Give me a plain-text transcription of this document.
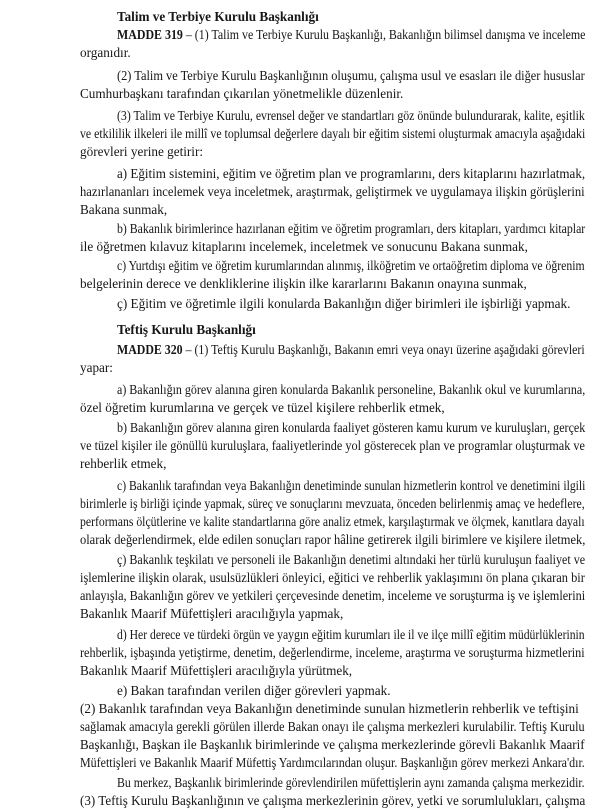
Talim ve Terbiye Kurulu Başkanlığı
MADDE 319 – (1) Talim ve Terbiye Kurulu Başkanlığı, Bakanlığın bilimsel danışma ve inceleme
organıdır.
(2) Talim ve Terbiye Kurulu Başkanlığının oluşumu, çalışma usul ve esasları ile diğer hususlar
Cumhurbaşkanı tarafından çıkarılan yönetmelikle düzenlenir.
(3) Talim ve Terbiye Kurulu, evrensel değer ve standartları göz önünde bulundurarak, kalite, eşitlik
ve etkililik ilkeleri ile millî ve toplumsal değerlere dayalı bir eğitim sistemi oluşturmak amacıyla aşağıdaki
görevleri yerine getirir:
a) Eğitim sistemini, eğitim ve öğretim plan ve programlarını, ders kitaplarını hazırlatmak,
hazırlananları incelemek veya inceletmek, araştırmak, geliştirmek ve uygulamaya ilişkin görüşlerini
Bakana sunmak,
b) Bakanlık birimlerince hazırlanan eğitim ve öğretim programları, ders kitapları, yardımcı kitaplar
ile öğretmen kılavuz kitaplarını incelemek, inceletmek ve sonucunu Bakana sunmak,
c) Yurtdışı eğitim ve öğretim kurumlarından alınmış, ilköğretim ve ortaöğretim diploma ve öğrenim
belgelerinin derece ve denkliklerine ilişkin ilke kararlarını Bakanın onayına sunmak,
ç) Eğitim ve öğretimle ilgili konularda Bakanlığın diğer birimleri ile işbirliği yapmak.
Teftiş Kurulu Başkanlığı
MADDE 320 – (1) Teftiş Kurulu Başkanlığı, Bakanın emri veya onayı üzerine aşağıdaki görevleri
yapar:
a) Bakanlığın görev alanına giren konularda Bakanlık personeline, Bakanlık okul ve kurumlarına,
özel öğretim kurumlarına ve gerçek ve tüzel kişilere rehberlik etmek,
b) Bakanlığın görev alanına giren konularda faaliyet gösteren kamu kurum ve kuruluşları, gerçek
ve tüzel kişiler ile gönüllü kuruluşlara, faaliyetlerinde yol gösterecek plan ve programlar oluşturmak ve
rehberlik etmek,
c) Bakanlık tarafından veya Bakanlığın denetiminde sunulan hizmetlerin kontrol ve denetimini ilgili
birimlerle iş birliği içinde yapmak, süreç ve sonuçlarını mevzuata, önceden belirlenmiş amaç ve hedeflere,
performans ölçütlerine ve kalite standartlarına göre analiz etmek, karşılaştırmak ve ölçmek, kanıtlara dayalı
olarak değerlendirmek, elde edilen sonuçları rapor hâline getirerek ilgili birimlere ve kişilere iletmek,
ç) Bakanlık teşkilatı ve personeli ile Bakanlığın denetimi altındaki her türlü kuruluşun faaliyet ve
işlemlerine ilişkin olarak, usulsüzlükleri önleyici, eğitici ve rehberlik yaklaşımını ön plana çıkaran bir
anlayışla, Bakanlığın görev ve yetkileri çerçevesinde denetim, inceleme ve soruşturma iş ve işlemlerini
Bakanlık Maarif Müfettişleri aracılığıyla yapmak,
d) Her derece ve türdeki örgün ve yaygın eğitim kurumları ile il ve ilçe millî eğitim müdürlüklerinin
rehberlik, işbaşında yetiştirme, denetim, değerlendirme, inceleme, araştırma ve soruşturma hizmetlerini
Bakanlık Maarif Müfettişleri aracılığıyla yürütmek,
e) Bakan tarafından verilen diğer görevleri yapmak.
(2) Bakanlık tarafından veya Bakanlığın denetiminde sunulan hizmetlerin rehberlik ve teftişini
sağlamak amacıyla gerekli görülen illerde Bakan onayı ile çalışma merkezleri kurulabilir. Teftiş Kurulu
Başkanlığı, Başkan ile Başkanlık birimlerinde ve çalışma merkezlerinde görevli Bakanlık Maarif
Müfettişleri ve Bakanlık Maarif Müfettiş Yardımcılarından oluşur. Başkanlığın görev merkezi Ankara'dır.
Bu merkez, Başkanlık birimlerinde görevlendirilen müfettişlerin aynı zamanda çalışma merkezidir.
(3) Teftiş Kurulu Başkanlığının ve çalışma merkezlerinin görev, yetki ve sorumlulukları, çalışma
